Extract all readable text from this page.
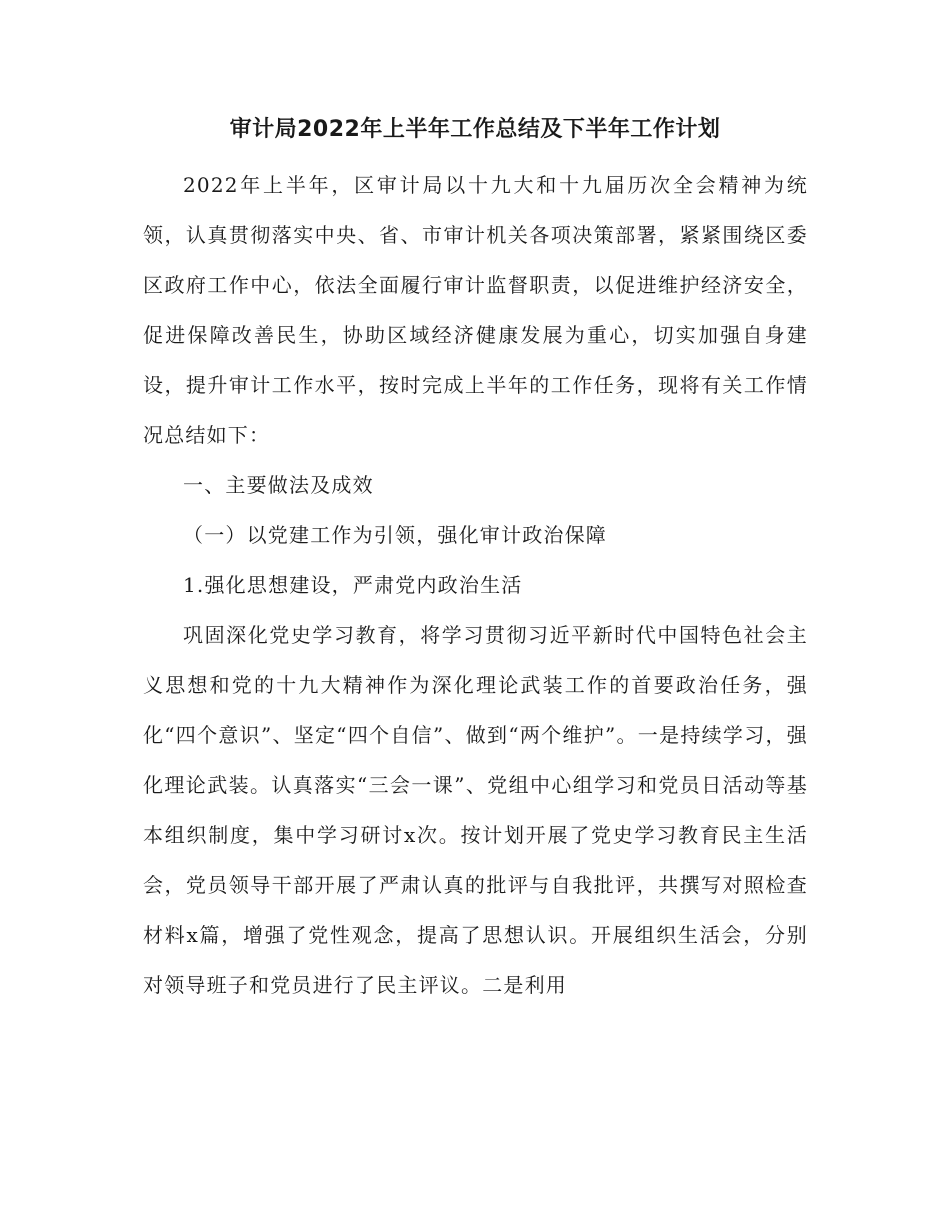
审计局2022年上半年工作总结及下半年工作计划

2022年上半年，区审计局以十九大和十九届历次全会精神为统领，认真贯彻落实中央、省、市审计机关各项决策部署，紧紧围绕区委区政府工作中心，依法全面履行审计监督职责，以促进维护经济安全，促进保障改善民生，协助区域经济健康发展为重心，切实加强自身建设，提升审计工作水平，按时完成上半年的工作任务，现将有关工作情况总结如下：

一、主要做法及成效

（一）以党建工作为引领，强化审计政治保障

1.强化思想建设，严肃党内政治生活

巩固深化党史学习教育，将学习贯彻习近平新时代中国特色社会主义思想和党的十九大精神作为深化理论武装工作的首要政治任务，强化“四个意识”、坚定“四个自信”、做到“两个维护”。一是持续学习，强化理论武装。认真落实“三会一课”、党组中心组学习和党员日活动等基本组织制度，集中学习研讨x次。按计划开展了党史学习教育民主生活会，党员领导干部开展了严肃认真的批评与自我批评，共撰写对照检查材料x篇，增强了党性观念，提高了思想认识。开展组织生活会，分别对领导班子和党员进行了民主评议。二是利用
